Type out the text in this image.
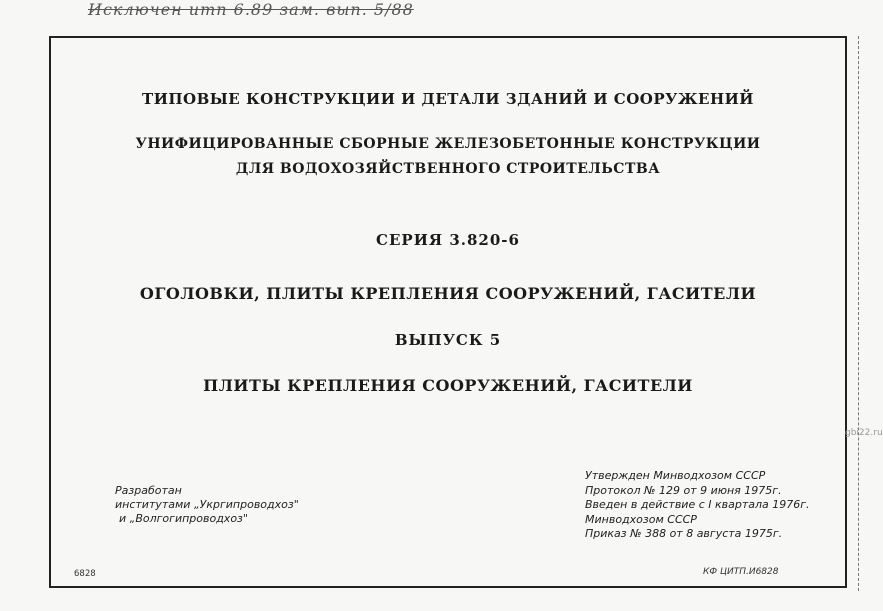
Исключен итп 6.89 зам. вып. 5/88
ТИПОВЫЕ КОНСТРУКЦИИ И ДЕТАЛИ ЗДАНИЙ И СООРУЖЕНИЙ
УНИФИЦИРОВАННЫЕ СБОРНЫЕ ЖЕЛЕЗОБЕТОННЫЕ КОНСТРУКЦИИ
ДЛЯ ВОДОХОЗЯЙСТВЕННОГО СТРОИТЕЛЬСТВА
СЕРИЯ 3.820-6
ОГОЛОВКИ, ПЛИТЫ КРЕПЛЕНИЯ СООРУЖЕНИЙ, ГАСИТЕЛИ
ВЫПУСК 5
ПЛИТЫ КРЕПЛЕНИЯ СООРУЖЕНИЙ, ГАСИТЕЛИ
Разработан
институтами „Укргипроводхоз"
и „Волгогипроводхоз"
Утвержден Минводхозом СССР
Протокол № 129 от 9 июня 1975г.
Введен в действие с I квартала 1976г.
Минводхозом СССР
Приказ № 388 от 8 августа 1975г.
6828	КФ ЦИТП.И6828
gbi22.ru
